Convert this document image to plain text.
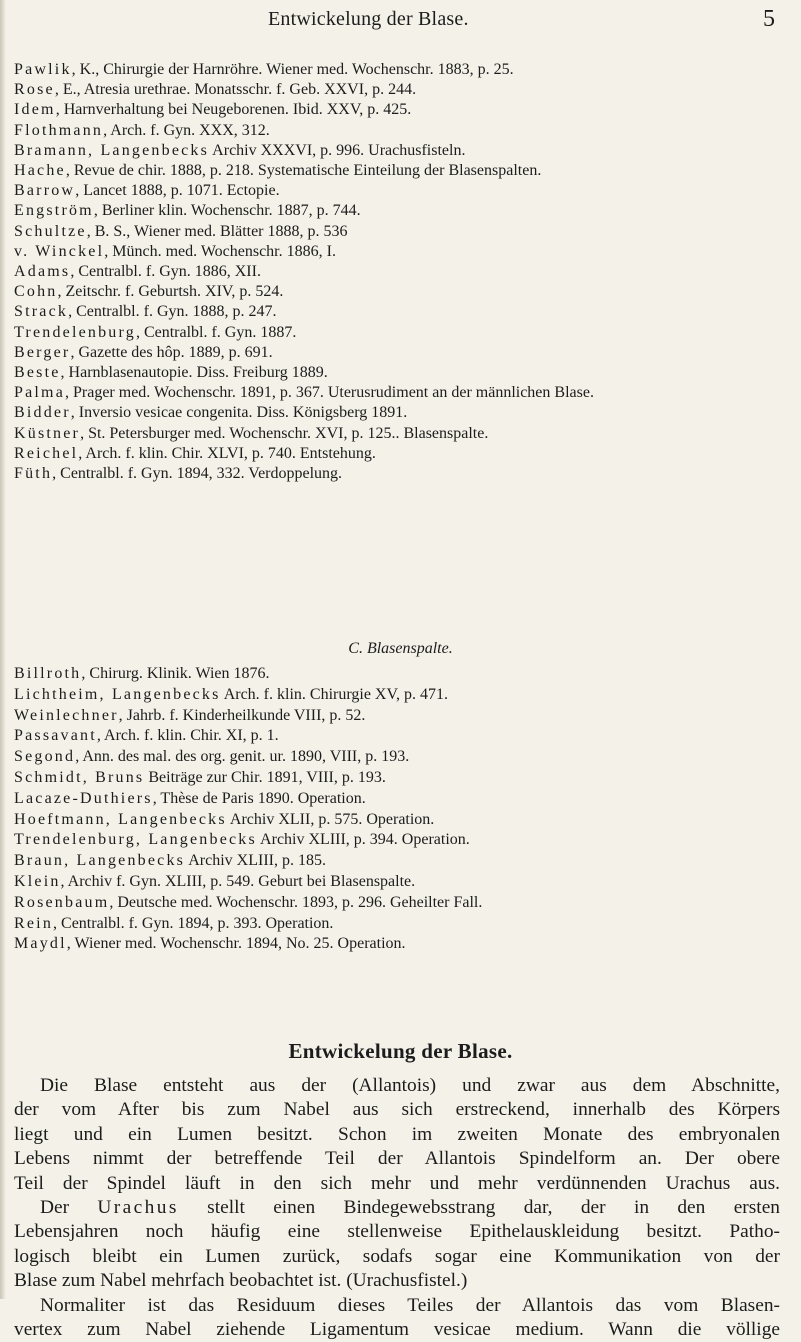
Entwickelung der Blase.	5
Pawlik, K., Chirurgie der Harnröhre. Wiener med. Wochenschr. 1883, p. 25.
Rose, E., Atresia urethrae. Monatsschr. f. Geb. XXVI, p. 244.
Idem, Harnverhaltung bei Neugeborenen. Ibid. XXV, p. 425.
Flothmann, Arch. f. Gyn. XXX, 312.
Bramann, Langenbecks Archiv XXXVI, p. 996. Urachusfisteln.
Hache, Revue de chir. 1888, p. 218. Systematische Einteilung der Blasenspalten.
Barrow, Lancet 1888, p. 1071. Ectopie.
Engström, Berliner klin. Wochenschr. 1887, p. 744.
Schultze, B. S., Wiener med. Blätter 1888, p. 536
v. Winckel, Münch. med. Wochenschr. 1886, I.
Adams, Centralbl. f. Gyn. 1886, XII.
Cohn, Zeitschr. f. Geburtsh. XIV, p. 524.
Strack, Centralbl. f. Gyn. 1888, p. 247.
Trendelenburg, Centralbl. f. Gyn. 1887.
Berger, Gazette des hôp. 1889, p. 691.
Beste, Harnblasenautopie. Diss. Freiburg 1889.
Palma, Prager med. Wochenschr. 1891, p. 367. Uterusrudiment an der männlichen Blase.
Bidder, Inversio vesicae congenita. Diss. Königsberg 1891.
Küstner, St. Petersburger med. Wochenschr. XVI, p. 125.. Blasenspalte.
Reichel, Arch. f. klin. Chir. XLVI, p. 740. Entstehung.
Füth, Centralbl. f. Gyn. 1894, 332. Verdoppelung.
C. Blasenspalte.
Billroth, Chirurg. Klinik. Wien 1876.
Lichtheim, Langenbecks Arch. f. klin. Chirurgie XV, p. 471.
Weinlechner, Jahrb. f. Kinderheilkunde VIII, p. 52.
Passavant, Arch. f. klin. Chir. XI, p. 1.
Segond, Ann. des mal. des org. genit. ur. 1890, VIII, p. 193.
Schmidt, Bruns Beiträge zur Chir. 1891, VIII, p. 193.
Lacaze-Duthiers, Thèse de Paris 1890. Operation.
Hoeftmann, Langenbecks Archiv XLII, p. 575. Operation.
Trendelenburg, Langenbecks Archiv XLIII, p. 394. Operation.
Braun, Langenbecks Archiv XLIII, p. 185.
Klein, Archiv f. Gyn. XLIII, p. 549. Geburt bei Blasenspalte.
Rosenbaum, Deutsche med. Wochenschr. 1893, p. 296. Geheilter Fall.
Rein, Centralbl. f. Gyn. 1894, p. 393. Operation.
Maydl, Wiener med. Wochenschr. 1894, No. 25. Operation.
Entwickelung der Blase.
Die Blase entsteht aus der (Allantois) und zwar aus dem Abschnitte,
der vom After bis zum Nabel aus sich erstreckend, innerhalb des Körpers
liegt und ein Lumen besitzt. Schon im zweiten Monate des embryonalen
Lebens nimmt der betreffende Teil der Allantois Spindelform an. Der obere
Teil der Spindel läuft in den sich mehr und mehr verdünnenden Urachus aus.
Der Urachus stellt einen Bindegewebsstrang dar, der in den ersten
Lebensjahren noch häufig eine stellenweise Epithelauskleidung besitzt. Patho-
logisch bleibt ein Lumen zurück, sodafs sogar eine Kommunikation von der
Blase zum Nabel mehrfach beobachtet ist. (Urachusfistel.)
Normaliter ist das Residuum dieses Teiles der Allantois das vom Blasen-
vertex zum Nabel ziehende Ligamentum vesicae medium. Wann die völlige
